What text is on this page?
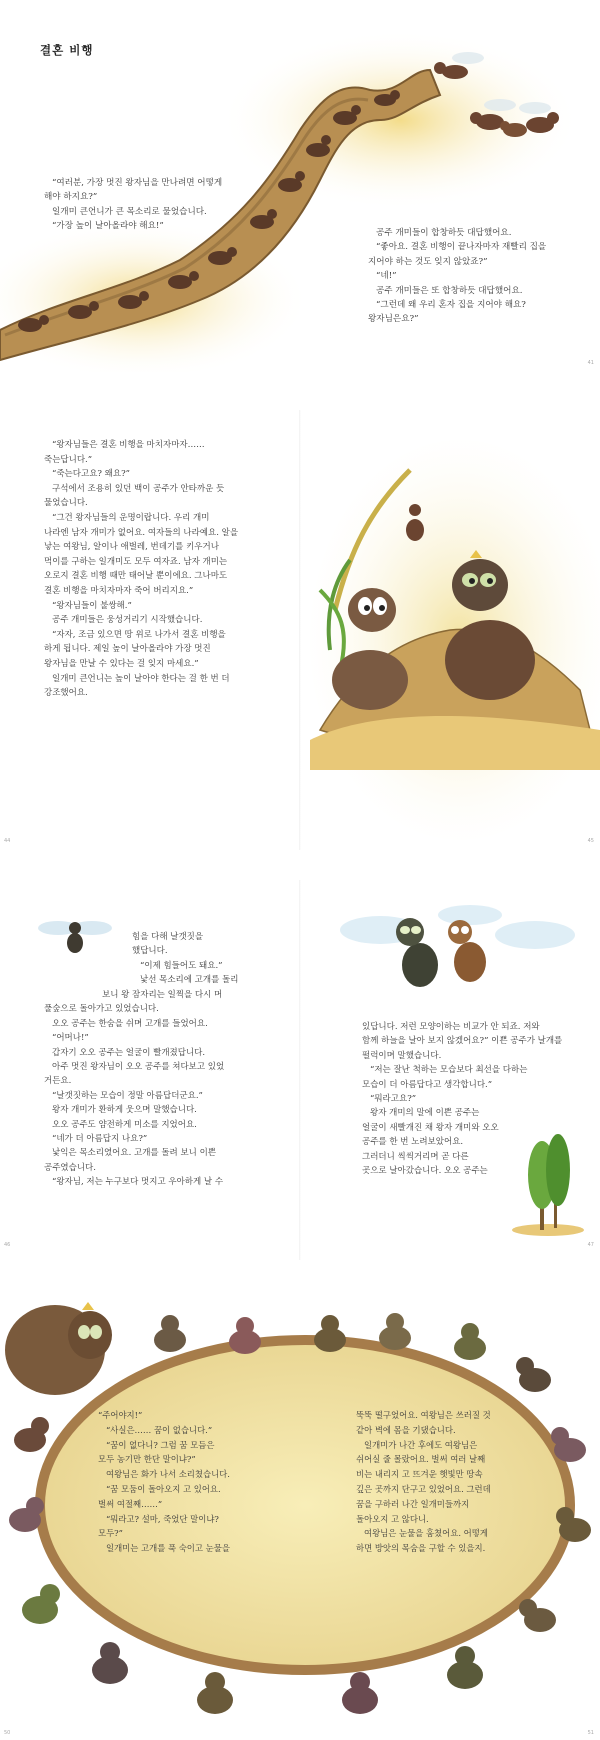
결혼 비행

“여러분, 가장 멋진 왕자님을 만나려면 어떻게

해야 하지요?”

일개미 큰언니가 큰 목소리로 물었습니다.

“가장 높이 날아올라야 해요!”

공주 개미들이 합창하듯 대답했어요.

“좋아요. 결혼 비행이 끝나자마자 재빨리 집을

지어야 하는 것도 잊지 않았죠?”

“네!”

공주 개미들은 또 합창하듯 대답했어요.

“그런데 왜 우리 혼자 집을 지어야 해요?

왕자님은요?”

41

“왕자님들은 결혼 비행을 마치자마자……

죽는답니다.”

“죽는다고요? 왜요?”

구석에서 조용히 있던 백이 공주가 안타까운 듯

물었습니다.

“그건 왕자님들의 운명이랍니다. 우리 개미

나라엔 남자 개미가 없어요. 여자들의 나라예요. 알을

낳는 여왕님, 알이나 애벌레, 번데기를 키우거나

먹이를 구하는 일개미도 모두 여자죠. 남자 개미는

오로지 결혼 비행 때만 태어날 뿐이에요. 그나마도

결혼 비행을 마치자마자 죽어 버리지요.”

“왕자님들이 불쌍해.”

공주 개미들은 웅성거리기 시작했습니다.

“자자, 조금 있으면 땅 위로 나가서 결혼 비행을

하게 됩니다. 제일 높이 날아올라야 가장 멋진

왕자님을 만날 수 있다는 걸 잊지 마세요.”

일개미 큰언니는 높이 날아야 한다는 걸 한 번 더

강조했어요.

44	45

힘을 다해 날갯짓을

했답니다.

“이제 힘들어도 돼요.”

낯선 목소리에 고개를 돌리

보니 왕 잠자리는 일찍을 다시 머

풀숲으로 돌아가고 있었습니다.

오오 공주는 한숨을 쉬며 고개를 들었어요.

“어머나!”

갑자기 오오 공주는 얼굴이 빨개졌답니다.

아주 멋진 왕자님이 오오 공주를 쳐다보고 있었

거든요.

“날갯짓하는 모습이 정말 아름답더군요.”

왕자 개미가 환하게 웃으며 말했습니다.

오오 공주도 얌전하게 미소를 지었어요.

“네가 더 아름답지 나요?”

낯익은 목소리였어요. 고개를 돌려 보니 이쁜

공주였습니다.

“왕자님, 저는 누구보다 멋지고 우아하게 날 수

있답니다. 저런 모양이하는 비교가 안 되죠. 저와

함께 하늘을 날아 보지 않겠어요?” 이쁜 공주가 날개를

펄럭이며 말했습니다.

“저는 잘난 척하는 모습보다 최선을 다하는

모습이 더 아름답다고 생각합니다.”

“뭐라고요?”

왕자 개미의 말에 이쁜 공주는

얼굴이 새빨개진 채 왕자 개미와 오오

공주를 한 번 노려보았어요.

그러더니 씩씩거리며 곧 다른

곳으로 날아갔습니다. 오오 공주는

46	47

“주어야지!”

“사실은…… 꿈이 없습니다.”

“꿈이 없다니? 그럼 꿈 모듬은

모두 농기만 한단 말이냐?”

여왕님은 화가 나서 소리쳤습니다.

“꿈 모둠이 돌아오지 고 있어요.

벌써 여절째……”

“뭐라고? 설마, 죽었단 말이냐?

모두?”

일개미는 고개를 푹 숙이고 눈물을

뚝뚝 떨구었어요. 여왕님은 쓰러질 것

같아 벽에 몸을 기댔습니다.

일개미가 나간 후에도 여왕님은

쉬어실 줄 몰랐어요. 벌써 여러 날째

비는 내리지 고 뜨겨운 햇빛만 땅속

깊은 곳까지 단구고 있었어요. 그런데

꿈을 구하러 나간 일개미들까지

돌아오지 고 않다니.

여왕님은 눈물을 훔쳤어요. 어떻게

하면 방앗의 목숨을 구할 수 있을지.

50	51
